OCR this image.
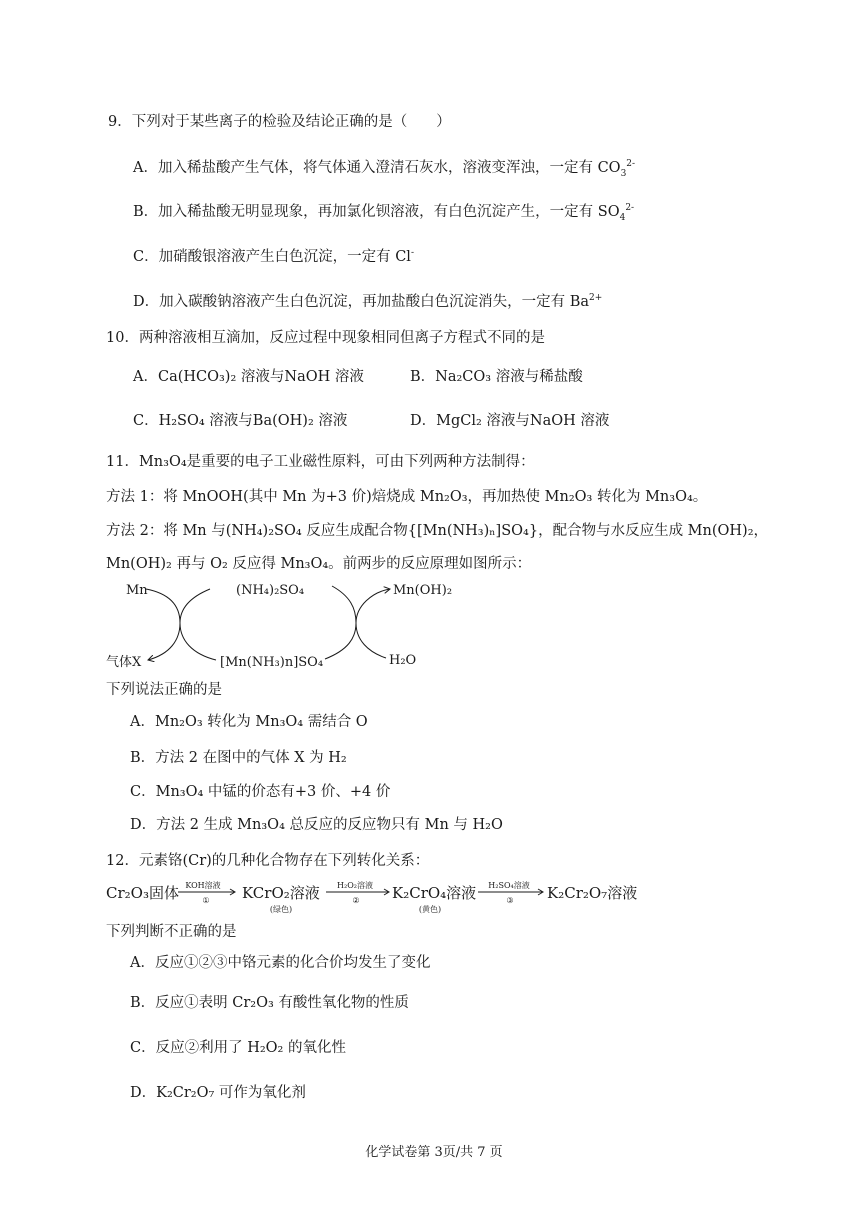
9．下列对于某些离子的检验及结论正确的是（　　）
A．加入稀盐酸产生气体，将气体通入澄清石灰水，溶液变浑浊，一定有 $CO_3^{2-}$
B．加入稀盐酸无明显现象，再加氯化钡溶液，有白色沉淀产生，一定有 $SO_4^{2-}$
C．加硝酸银溶液产生白色沉淀，一定有 Cl-
D．加入碳酸钠溶液产生白色沉淀，再加盐酸白色沉淀消失，一定有 $Ba^{2+}$
10．两种溶液相互滴加，反应过程中现象相同但离子方程式不同的是
A．Ca(HCO₃)₂ 溶液与NaOH 溶液	B．Na₂CO₃ 溶液与稀盐酸
C．H₂SO₄ 溶液与Ba(OH)₂ 溶液	D．MgCl₂ 溶液与NaOH 溶液
11．Mn₃O₄是重要的电子工业磁性原料，可由下列两种方法制得：
方法 1：将 MnOOH(其中 Mn 为+3 价)焙烧成 Mn₂O₃，再加热使 Mn₂O₃ 转化为 Mn₃O₄。
方法 2：将 Mn 与(NH₄)₂SO₄ 反应生成配合物{[Mn(NH₃)ₙ]SO₄}，配合物与水反应生成 Mn(OH)₂，
Mn(OH)₂ 再与 O₂ 反应得 Mn₃O₄。前两步的反应原理如图所示：
Mn	(NH₄)₂SO₄	Mn(OH)₂
气体X	[Mn(NH₃)n]SO₄	H₂O
下列说法正确的是
A．Mn₂O₃ 转化为 Mn₃O₄ 需结合 O
B．方法 2 在图中的气体 X 为 H₂
C．Mn₃O₄ 中锰的价态有+3 价、+4 价
D．方法 2 生成 Mn₃O₄ 总反应的反应物只有 Mn 与 H₂O
12．元素铬(Cr)的几种化合物存在下列转化关系：
Cr₂O₃固体 KOH溶液
① KCrO₂溶液
(绿色)
H₂O₂溶液
② K₂CrO₄溶液
(黄色)
H₂SO₄溶液
③ K₂Cr₂O₇溶液
下列判断不正确的是
A．反应①②③中铬元素的化合价均发生了变化
B．反应①表明 Cr₂O₃ 有酸性氧化物的性质
C．反应②利用了 H₂O₂ 的氧化性
D．K₂Cr₂O₇ 可作为氧化剂
化学试卷第 3页/共 7 页
